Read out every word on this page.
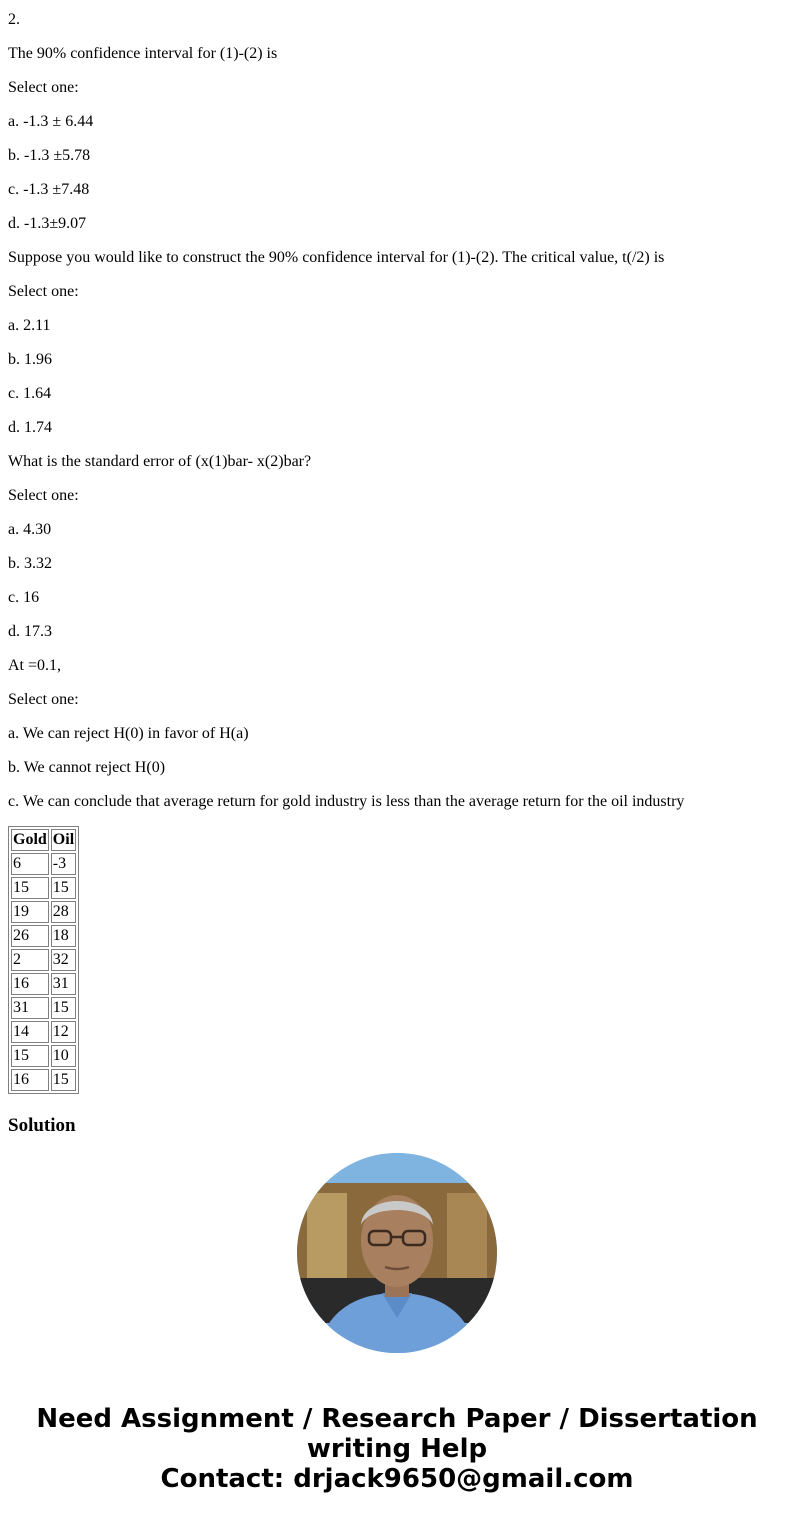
2.

The 90% confidence interval for (1)-(2) is

Select one:

a. -1.3 ± 6.44

b. -1.3 ±5.78

c. -1.3 ±7.48

d. -1.3±9.07

Suppose you would like to construct the 90% confidence interval for (1)-(2). The critical value, t(/2) is

Select one:

a. 2.11

b. 1.96

c. 1.64

d. 1.74

What is the standard error of (x(1)bar- x(2)bar?

Select one:

a. 4.30

b. 3.32

c. 16

d. 17.3

At =0.1,

Select one:

a. We can reject H(0) in favor of H(a)

b. We cannot reject H(0)

c. We can conclude that average return for gold industry is less than the average return for the oil industry

Gold	Oil
6	-3
15	15
19	28
26	18
2	32
16	31
31	15
14	12
15	10
16	15
Solution
Need Assignment / Research Paper / Dissertation
writing Help
Contact: drjack9650@gmail.com
